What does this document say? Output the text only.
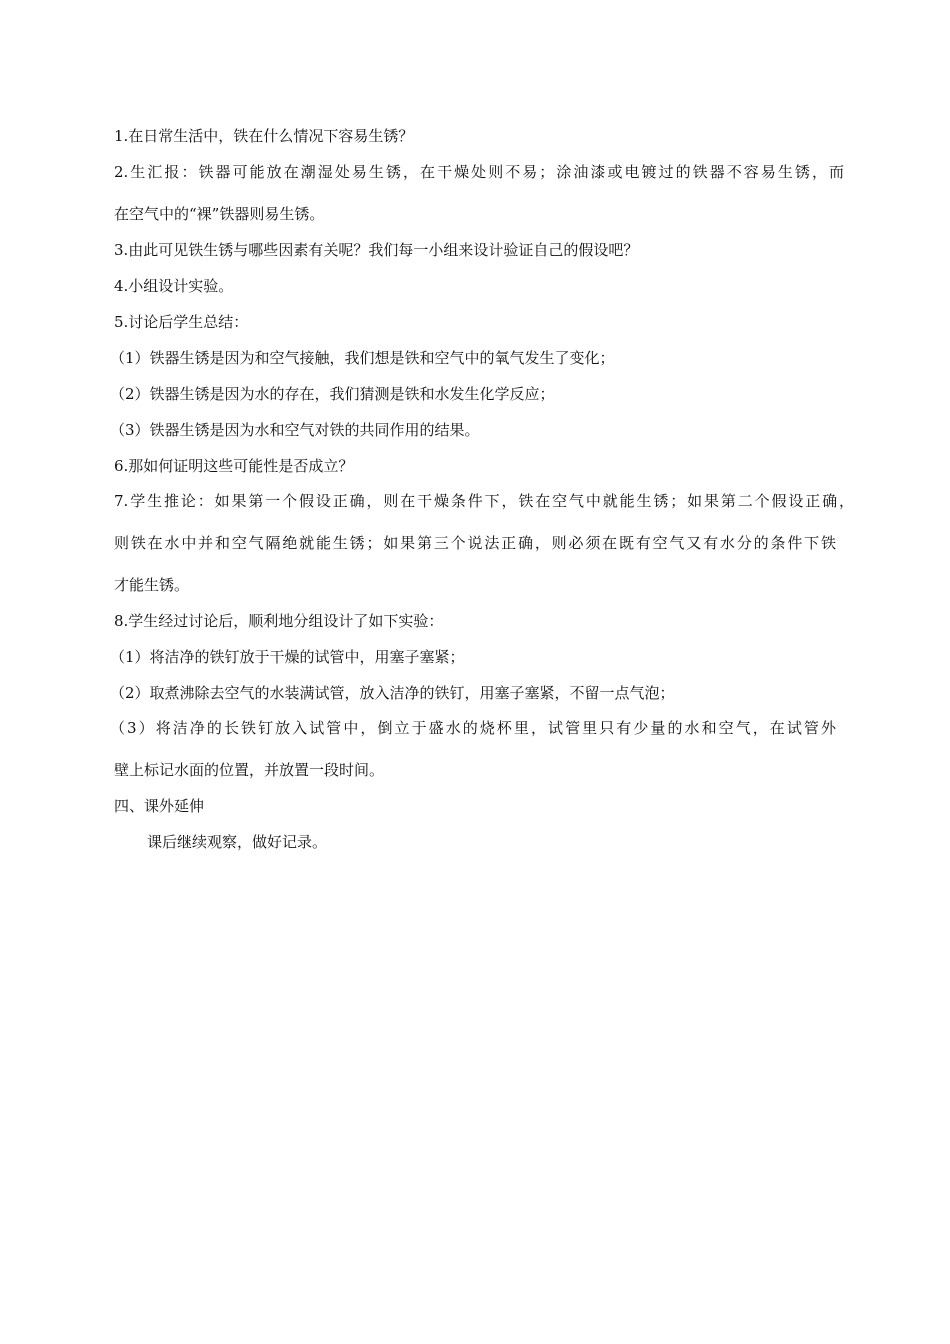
1.在日常生活中，铁在什么情况下容易生锈？
2.生汇报：铁器可能放在潮湿处易生锈，在干燥处则不易；涂油漆或电镀过的铁器不容易生锈，而
在空气中的“裸”铁器则易生锈。
3.由此可见铁生锈与哪些因素有关呢？我们每一小组来设计验证自己的假设吧？
4.小组设计实验。
5.讨论后学生总结：
（1）铁器生锈是因为和空气接触，我们想是铁和空气中的氧气发生了变化；
（2）铁器生锈是因为水的存在，我们猜测是铁和水发生化学反应；
（3）铁器生锈是因为水和空气对铁的共同作用的结果。
6.那如何证明这些可能性是否成立？
7.学生推论：如果第一个假设正确，则在干燥条件下，铁在空气中就能生锈；如果第二个假设正确，
则铁在水中并和空气隔绝就能生锈；如果第三个说法正确，则必须在既有空气又有水分的条件下铁
才能生锈。
8.学生经过讨论后，顺利地分组设计了如下实验：
（1）将洁净的铁钉放于干燥的试管中，用塞子塞紧；
（2）取煮沸除去空气的水装满试管，放入洁净的铁钉，用塞子塞紧，不留一点气泡；
（3）将洁净的长铁钉放入试管中，倒立于盛水的烧杯里，试管里只有少量的水和空气，在试管外
壁上标记水面的位置，并放置一段时间。
四、课外延伸
课后继续观察，做好记录。
